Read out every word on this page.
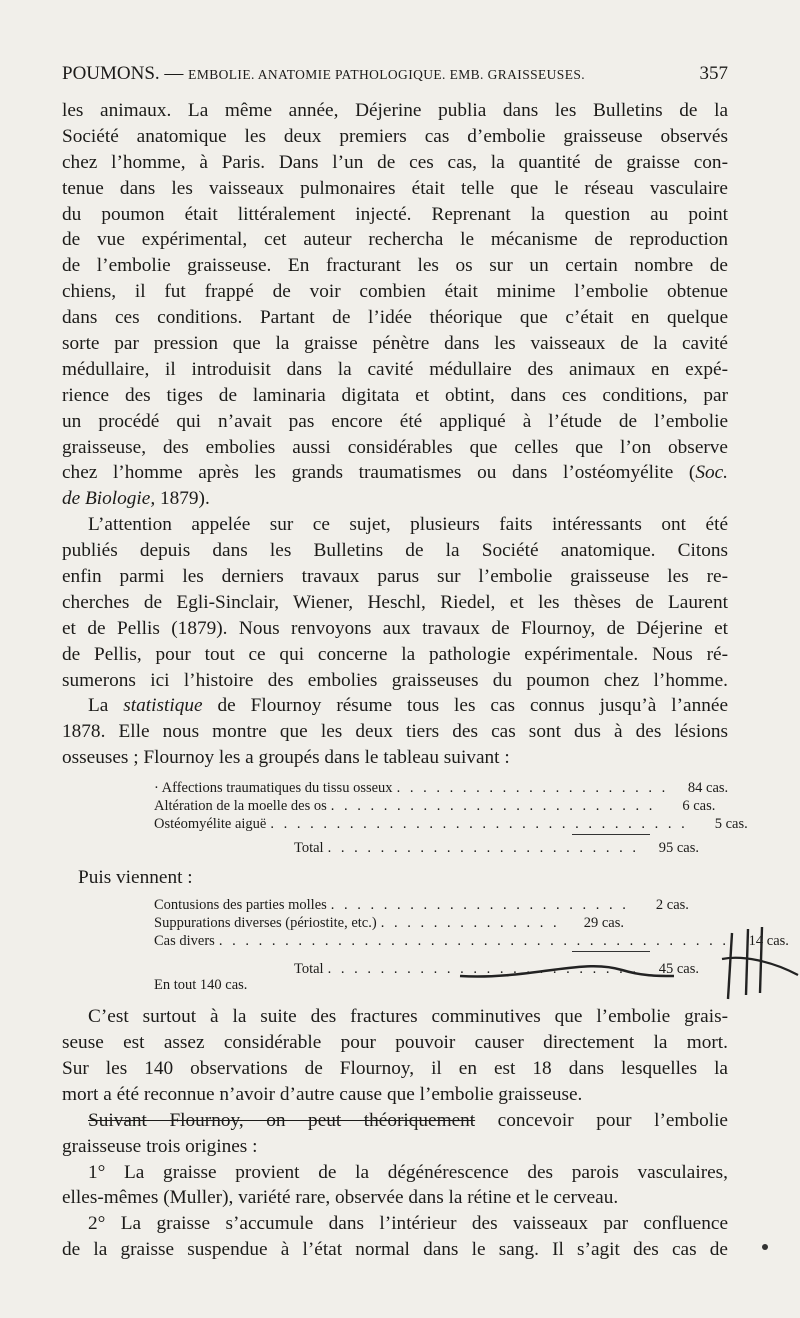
POUMONS. — EMBOLIE. ANATOMIE PATHOLOGIQUE. EMB. GRAISSEUSES.	357
les animaux. La même année, Déjerine publia dans les Bulletins de la
Société anatomique les deux premiers cas d’embolie graisseuse observés
chez l’homme, à Paris. Dans l’un de ces cas, la quantité de graisse con-
tenue dans les vaisseaux pulmonaires était telle que le réseau vasculaire
du poumon était littéralement injecté. Reprenant la question au point
de vue expérimental, cet auteur rechercha le mécanisme de reproduction
de l’embolie graisseuse. En fracturant les os sur un certain nombre de
chiens, il fut frappé de voir combien était minime l’embolie obtenue
dans ces conditions. Partant de l’idée théorique que c’était en quelque
sorte par pression que la graisse pénètre dans les vaisseaux de la cavité
médullaire, il introduisit dans la cavité médullaire des animaux en expé-
rience des tiges de laminaria digitata et obtint, dans ces conditions, par
un procédé qui n’avait pas encore été appliqué à l’étude de l’embolie
graisseuse, des embolies aussi considérables que celles que l’on observe
chez l’homme après les grands traumatismes ou dans l’ostéomyélite (Soc.
de Biologie, 1879).
L’attention appelée sur ce sujet, plusieurs faits intéressants ont été
publiés depuis dans les Bulletins de la Société anatomique. Citons
enfin parmi les derniers travaux parus sur l’embolie graisseuse les re-
cherches de Egli-Sinclair, Wiener, Heschl, Riedel, et les thèses de Laurent
et de Pellis (1879). Nous renvoyons aux travaux de Flournoy, de Déjerine et
de Pellis, pour tout ce qui concerne la pathologie expérimentale. Nous ré-
sumerons ici l’histoire des embolies graisseuses du poumon chez l’homme.
La statistique de Flournoy résume tous les cas connus jusqu’à l’année
1878. Elle nous montre que les deux tiers des cas sont dus à des lésions
osseuses ; Flournoy les a groupés dans le tableau suivant :
· Affections traumatiques du tissu osseux . . . . . . . . . . . . . . . . . . . . .	84 cas.
Altération de la moelle des os . . . . . . . . . . . . . . . . . . . . . . . . .	6 cas.
Ostéomyélite aiguë . . . . . . . . . . . . . . . . . . . . . . . . . . . . . . . .	5 cas.
Total . . . . . . . . . . . . . . . . . . . . . . . .	95 cas.
Puis viennent :
Contusions des parties molles . . . . . . . . . . . . . . . . . . . . . . .	2 cas.
Suppurations diverses (périostite, etc.) . . . . . . . . . . . . . .	29 cas.
Cas divers . . . . . . . . . . . . . . . . . . . . . . . . . . . . . . . . . . . . . . .	14 cas.
Total . . . . . . . . . . . . . . . . . . . . . . . .	45 cas.
En tout 140 cas.
C’est surtout à la suite des fractures comminutives que l’embolie grais-
seuse est assez considérable pour pouvoir causer directement la mort.
Sur les 140 observations de Flournoy, il en est 18 dans lesquelles la
mort a été reconnue n’avoir d’autre cause que l’embolie graisseuse.
Suivant Flournoy, on peut théoriquement concevoir pour l’embolie
graisseuse trois origines :
1° La graisse provient de la dégénérescence des parois vasculaires,
elles-mêmes (Muller), variété rare, observée dans la rétine et le cerveau.
2° La graisse s’accumule dans l’intérieur des vaisseaux par confluence
de la graisse suspendue à l’état normal dans le sang. Il s’agit des cas de
